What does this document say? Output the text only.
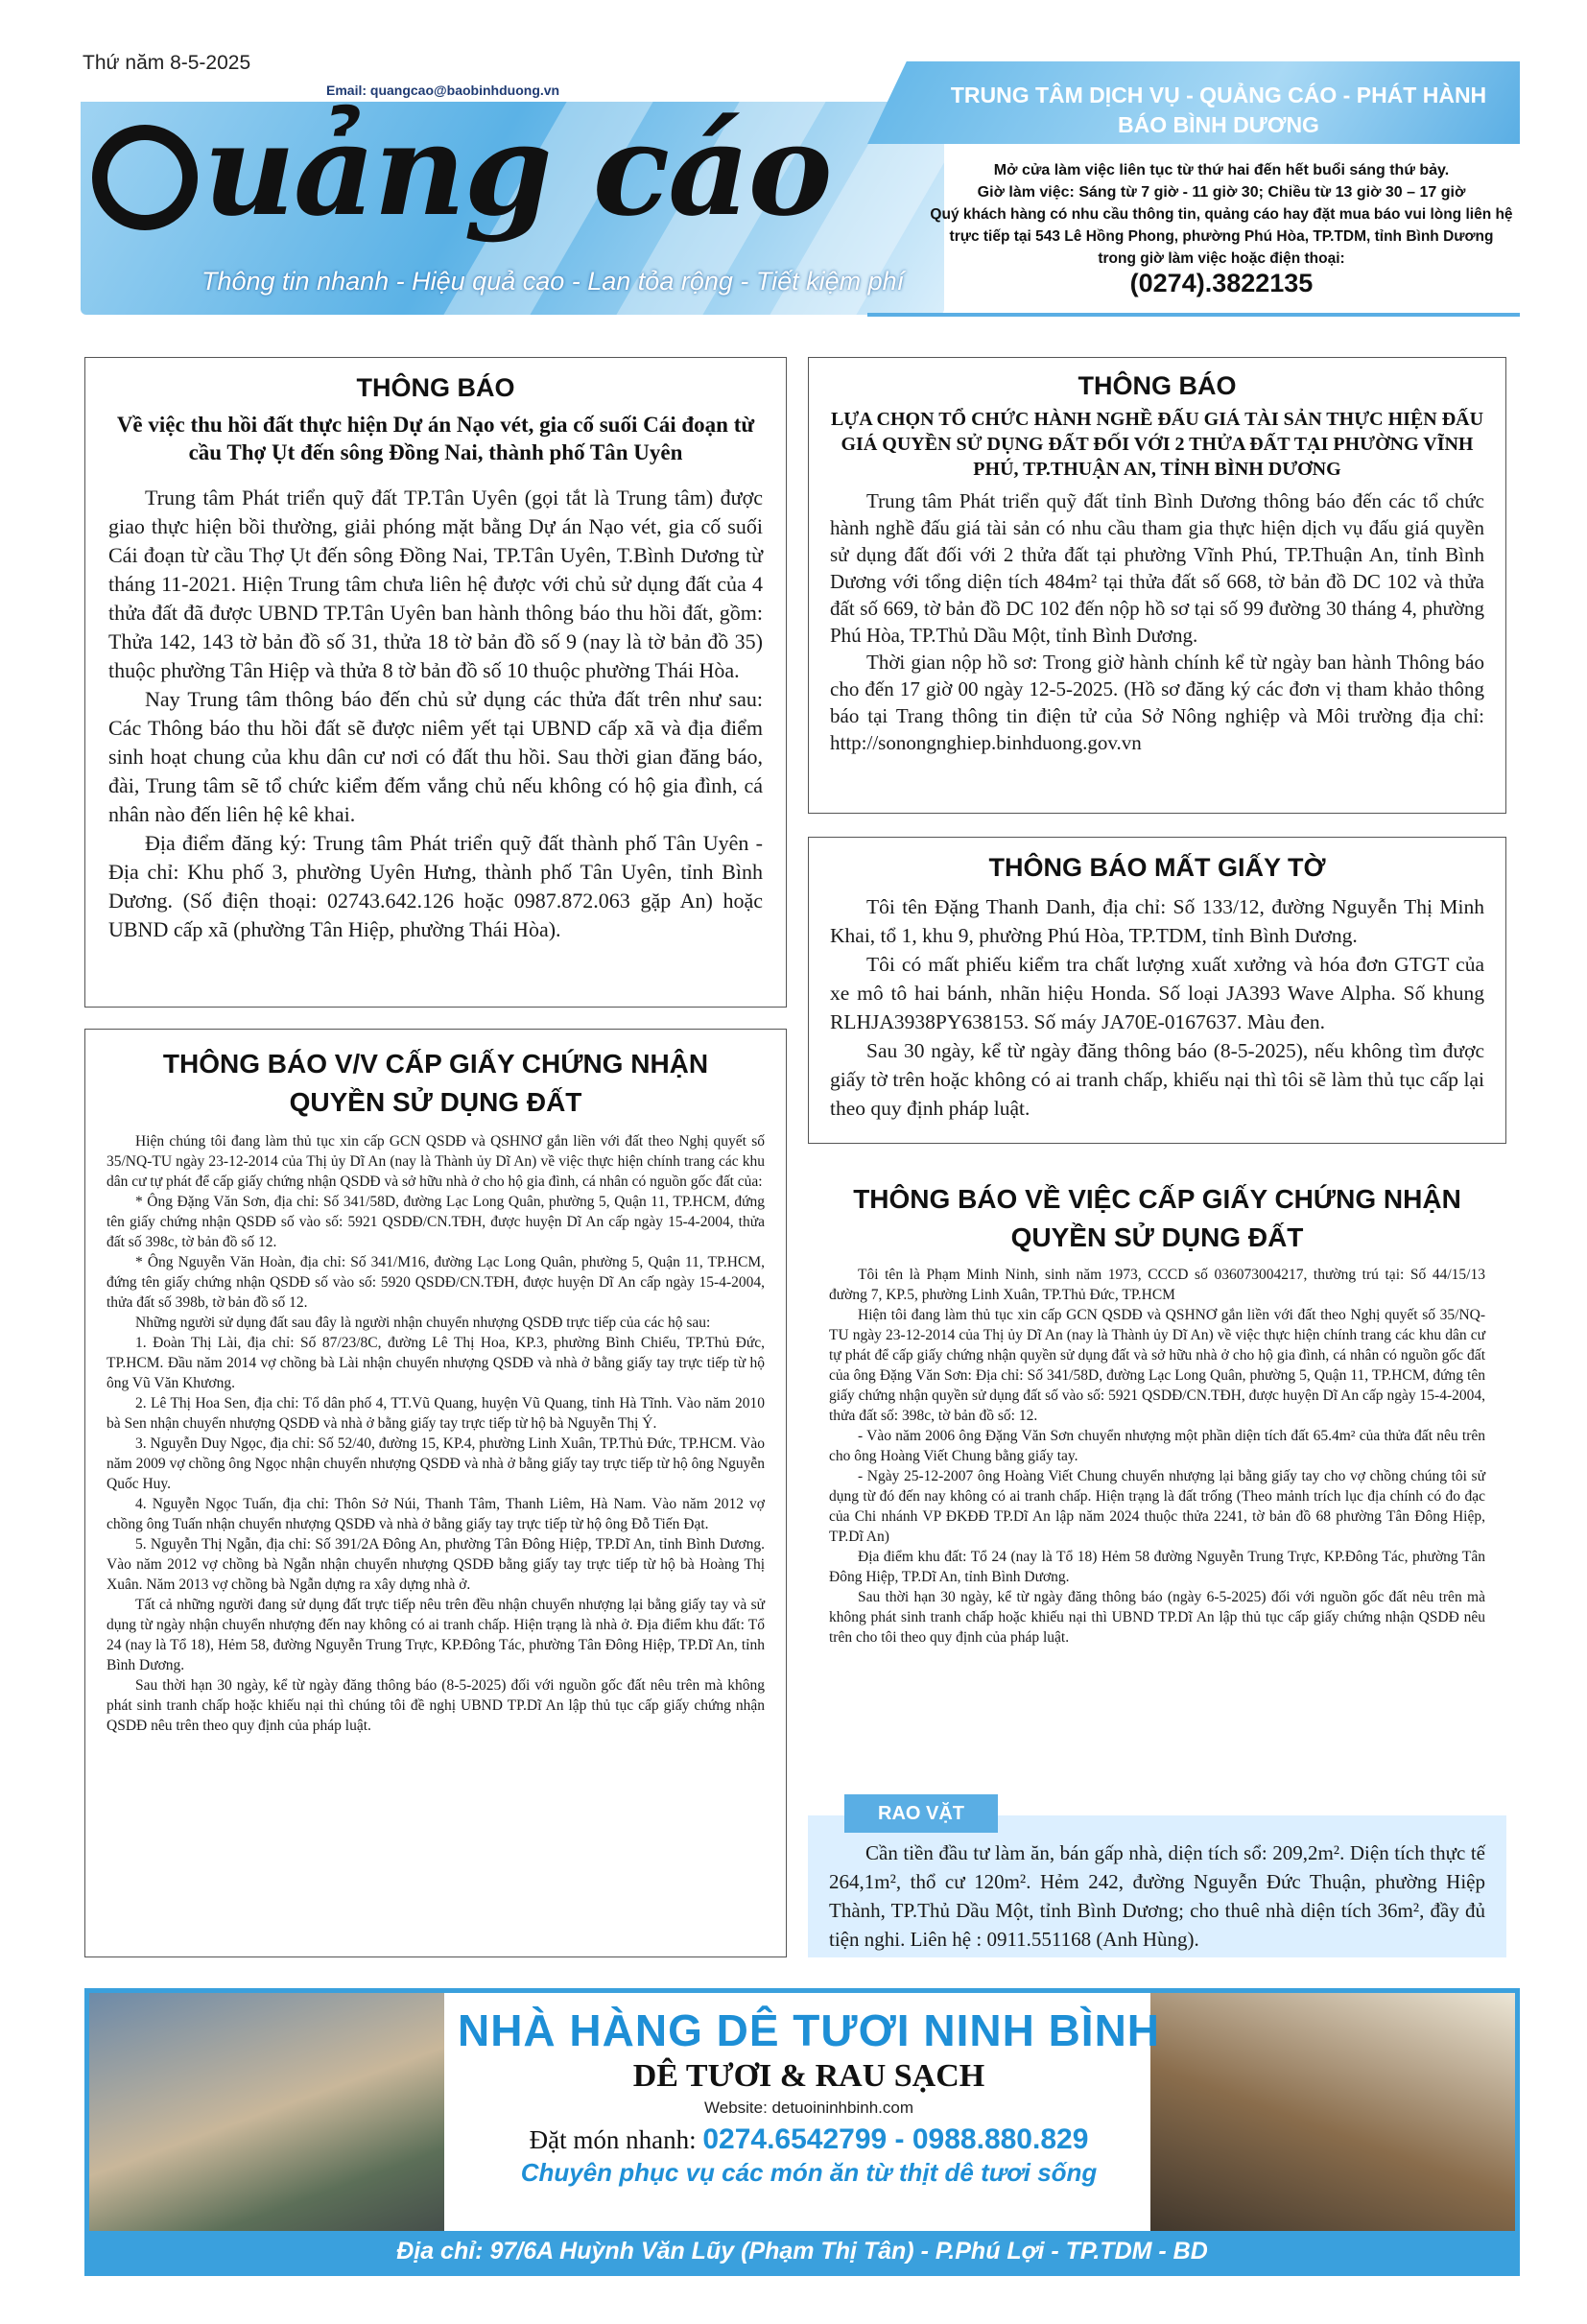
Thứ năm 8-5-2025
Email: quangcao@baobinhduong.vn
uảng cáo
Thông tin nhanh - Hiệu quả cao - Lan tỏa rộng - Tiết kiệm phí
TRUNG TÂM DỊCH VỤ - QUẢNG CÁO - PHÁT HÀNH
BÁO BÌNH DƯƠNG
Mở cửa làm việc liên tục từ thứ hai đến hết buổi sáng thứ bảy.
Giờ làm việc: Sáng từ 7 giờ - 11 giờ 30; Chiều từ 13 giờ 30 – 17 giờ
Quý khách hàng có nhu cầu thông tin, quảng cáo hay đặt mua báo vui lòng liên hệ trực tiếp tại 543 Lê Hồng Phong, phường Phú Hòa, TP.TDM, tỉnh Bình Dương trong giờ làm việc hoặc điện thoại:
(0274).3822135
THÔNG BÁO
Về việc thu hồi đất thực hiện Dự án Nạo vét, gia cố suối Cái đoạn từ cầu Thợ Ụt đến sông Đồng Nai, thành phố Tân Uyên

Trung tâm Phát triển quỹ đất TP.Tân Uyên (gọi tắt là Trung tâm) được giao thực hiện bồi thường, giải phóng mặt bằng Dự án Nạo vét, gia cố suối Cái đoạn từ cầu Thợ Ụt đến sông Đồng Nai, TP.Tân Uyên, T.Bình Dương từ tháng 11-2021. Hiện Trung tâm chưa liên hệ được với chủ sử dụng đất của 4 thửa đất đã được UBND TP.Tân Uyên ban hành thông báo thu hồi đất, gồm: Thửa 142, 143 tờ bản đồ số 31, thửa 18 tờ bản đồ số 9 (nay là tờ bản đồ 35) thuộc phường Tân Hiệp và thửa 8 tờ bản đồ số 10 thuộc phường Thái Hòa.

Nay Trung tâm thông báo đến chủ sử dụng các thửa đất trên như sau: Các Thông báo thu hồi đất sẽ được niêm yết tại UBND cấp xã và địa điểm sinh hoạt chung của khu dân cư nơi có đất thu hồi. Sau thời gian đăng báo, đài, Trung tâm sẽ tổ chức kiểm đếm vắng chủ nếu không có hộ gia đình, cá nhân nào đến liên hệ kê khai.

Địa điểm đăng ký: Trung tâm Phát triển quỹ đất thành phố Tân Uyên - Địa chỉ: Khu phố 3, phường Uyên Hưng, thành phố Tân Uyên, tỉnh Bình Dương. (Số điện thoại: 02743.642.126 hoặc 0987.872.063 gặp An) hoặc UBND cấp xã (phường Tân Hiệp, phường Thái Hòa).

THÔNG BÁO
LỰA CHỌN TỔ CHỨC HÀNH NGHỀ ĐẤU GIÁ TÀI SẢN THỰC HIỆN ĐẤU GIÁ QUYỀN SỬ DỤNG ĐẤT ĐỐI VỚI 2 THỬA ĐẤT TẠI PHƯỜNG VĨNH PHÚ, TP.THUẬN AN, TỈNH BÌNH DƯƠNG

Trung tâm Phát triển quỹ đất tỉnh Bình Dương thông báo đến các tổ chức hành nghề đấu giá tài sản có nhu cầu tham gia thực hiện dịch vụ đấu giá quyền sử dụng đất đối với 2 thửa đất tại phường Vĩnh Phú, TP.Thuận An, tỉnh Bình Dương với tổng diện tích 484m² tại thửa đất số 668, tờ bản đồ DC 102 và thửa đất số 669, tờ bản đồ DC 102 đến nộp hồ sơ tại số 99 đường 30 tháng 4, phường Phú Hòa, TP.Thủ Dầu Một, tỉnh Bình Dương.

Thời gian nộp hồ sơ: Trong giờ hành chính kể từ ngày ban hành Thông báo cho đến 17 giờ 00 ngày 12-5-2025. (Hồ sơ đăng ký các đơn vị tham khảo thông báo tại Trang thông tin điện tử của Sở Nông nghiệp và Môi trường địa chỉ: http://sonongnghiep.binhduong.gov.vn

THÔNG BÁO MẤT GIẤY TỜ

Tôi tên Đặng Thanh Danh, địa chỉ: Số 133/12, đường Nguyễn Thị Minh Khai, tổ 1, khu 9, phường Phú Hòa, TP.TDM, tỉnh Bình Dương.

Tôi có mất phiếu kiểm tra chất lượng xuất xưởng và hóa đơn GTGT của xe mô tô hai bánh, nhãn hiệu Honda. Số loại JA393 Wave Alpha. Số khung RLHJA3938PY638153. Số máy JA70E-0167637. Màu đen.

Sau 30 ngày, kể từ ngày đăng thông báo (8-5-2025), nếu không tìm được giấy tờ trên hoặc không có ai tranh chấp, khiếu nại thì tôi sẽ làm thủ tục cấp lại theo quy định pháp luật.

THÔNG BÁO V/V CẤP GIẤY CHỨNG NHẬN
QUYỀN SỬ DỤNG ĐẤT

Hiện chúng tôi đang làm thủ tục xin cấp GCN QSDĐ và QSHNƠ gắn liền với đất theo Nghị quyết số 35/NQ-TU ngày 23-12-2014 của Thị ủy Dĩ An (nay là Thành ủy Dĩ An) về việc thực hiện chính trang các khu dân cư tự phát để cấp giấy chứng nhận QSDĐ và sở hữu nhà ở cho hộ gia đình, cá nhân có nguồn gốc đất của:

* Ông Đặng Văn Sơn, địa chỉ: Số 341/58D, đường Lạc Long Quân, phường 5, Quận 11, TP.HCM, đứng tên giấy chứng nhận QSDĐ số vào số: 5921 QSDĐ/CN.TĐH, được huyện Dĩ An cấp ngày 15-4-2004, thửa đất số 398c, tờ bản đồ số 12.

* Ông Nguyễn Văn Hoàn, địa chỉ: Số 341/M16, đường Lạc Long Quân, phường 5, Quận 11, TP.HCM, đứng tên giấy chứng nhận QSDĐ số vào số: 5920 QSDĐ/CN.TĐH, được huyện Dĩ An cấp ngày 15-4-2004, thửa đất số 398b, tờ bản đồ số 12.

Những người sử dụng đất sau đây là người nhận chuyển nhượng QSDĐ trực tiếp của các hộ sau:

1. Đoàn Thị Lài, địa chỉ: Số 87/23/8C, đường Lê Thị Hoa, KP.3, phường Bình Chiểu, TP.Thủ Đức, TP.HCM. Đầu năm 2014 vợ chồng bà Lài nhận chuyển nhượng QSDĐ và nhà ở bằng giấy tay trực tiếp từ hộ ông Vũ Văn Khương.

2. Lê Thị Hoa Sen, địa chỉ: Tổ dân phố 4, TT.Vũ Quang, huyện Vũ Quang, tỉnh Hà Tĩnh. Vào năm 2010 bà Sen nhận chuyển nhượng QSDĐ và nhà ở bằng giấy tay trực tiếp từ hộ bà Nguyễn Thị Ý.

3. Nguyễn Duy Ngọc, địa chỉ: Số 52/40, đường 15, KP.4, phường Linh Xuân, TP.Thủ Đức, TP.HCM. Vào năm 2009 vợ chồng ông Ngọc nhận chuyển nhượng QSDĐ và nhà ở bằng giấy tay trực tiếp từ hộ ông Nguyễn Quốc Huy.

4. Nguyễn Ngọc Tuấn, địa chỉ: Thôn Sở Núi, Thanh Tâm, Thanh Liêm, Hà Nam. Vào năm 2012 vợ chồng ông Tuấn nhận chuyển nhượng QSDĐ và nhà ở bằng giấy tay trực tiếp từ hộ ông Đỗ Tiến Đạt.

5. Nguyễn Thị Ngẫn, địa chỉ: Số 391/2A Đông An, phường Tân Đông Hiệp, TP.Dĩ An, tỉnh Bình Dương. Vào năm 2012 vợ chồng bà Ngẫn nhận chuyển nhượng QSDĐ bằng giấy tay trực tiếp từ hộ bà Hoàng Thị Xuân. Năm 2013 vợ chồng bà Ngẫn dựng ra xây dựng nhà ở.

Tất cả những người đang sử dụng đất trực tiếp nêu trên đều nhận chuyển nhượng lại bằng giấy tay và sử dụng từ ngày nhận chuyển nhượng đến nay không có ai tranh chấp. Hiện trạng là nhà ở. Địa điểm khu đất: Tổ 24 (nay là Tổ 18), Hẻm 58, đường Nguyễn Trung Trực, KP.Đông Tác, phường Tân Đông Hiệp, TP.Dĩ An, tỉnh Bình Dương.

Sau thời hạn 30 ngày, kể từ ngày đăng thông báo (8-5-2025) đối với nguồn gốc đất nêu trên mà không phát sinh tranh chấp hoặc khiếu nại thì chúng tôi đề nghị UBND TP.Dĩ An lập thủ tục cấp giấy chứng nhận QSDĐ nêu trên theo quy định của pháp luật.

THÔNG BÁO VỀ VIỆC CẤP GIẤY CHỨNG NHẬN
QUYỀN SỬ DỤNG ĐẤT

Tôi tên là Phạm Minh Ninh, sinh năm 1973, CCCD số 036073004217, thường trú tại: Số 44/15/13 đường 7, KP.5, phường Linh Xuân, TP.Thủ Đức, TP.HCM

Hiện tôi đang làm thủ tục xin cấp GCN QSDĐ và QSHNƠ gắn liền với đất theo Nghị quyết số 35/NQ-TU ngày 23-12-2014 của Thị ủy Dĩ An (nay là Thành ủy Dĩ An) về việc thực hiện chính trang các khu dân cư tự phát để cấp giấy chứng nhận quyền sử dụng đất và sở hữu nhà ở cho hộ gia đình, cá nhân có nguồn gốc đất của ông Đặng Văn Sơn: Địa chỉ: Số 341/58D, đường Lạc Long Quân, phường 5, Quận 11, TP.HCM, đứng tên giấy chứng nhận quyền sử dụng đất số vào số: 5921 QSDĐ/CN.TĐH, được huyện Dĩ An cấp ngày 15-4-2004, thửa đất số: 398c, tờ bản đồ số: 12.

- Vào năm 2006 ông Đặng Văn Sơn chuyển nhượng một phần diện tích đất 65.4m² của thửa đất nêu trên cho ông Hoàng Viết Chung bằng giấy tay.

- Ngày 25-12-2007 ông Hoàng Viết Chung chuyển nhượng lại bằng giấy tay cho vợ chồng chúng tôi sử dụng từ đó đến nay không có ai tranh chấp. Hiện trạng là đất trống (Theo mảnh trích lục địa chính có đo đạc của Chi nhánh VP ĐKĐĐ TP.Dĩ An lập năm 2024 thuộc thửa 2241, tờ bản đồ 68 phường Tân Đông Hiệp, TP.Dĩ An)

Địa điểm khu đất: Tổ 24 (nay là Tổ 18) Hẻm 58 đường Nguyễn Trung Trực, KP.Đông Tác, phường Tân Đông Hiệp, TP.Dĩ An, tỉnh Bình Dương.

Sau thời hạn 30 ngày, kể từ ngày đăng thông báo (ngày 6-5-2025) đối với nguồn gốc đất nêu trên mà không phát sinh tranh chấp hoặc khiếu nại thì UBND TP.Dĩ An lập thủ tục cấp giấy chứng nhận QSDĐ nêu trên cho tôi theo quy định của pháp luật.

Cần tiền đầu tư làm ăn, bán gấp nhà, diện tích sổ: 209,2m². Diện tích thực tế 264,1m², thổ cư 120m². Hẻm 242, đường Nguyễn Đức Thuận, phường Hiệp Thành, TP.Thủ Dầu Một, tỉnh Bình Dương; cho thuê nhà diện tích 36m², đầy đủ tiện nghi. Liên hệ : 0911.551168 (Anh Hùng).

RAO VẶT
NHÀ HÀNG DÊ TƯƠI NINH BÌNH
DÊ TƯƠI & RAU SẠCH
Website: detuoininhbinh.com
Đặt món nhanh: 0274.6542799 - 0988.880.829
Chuyên phục vụ các món ăn từ thịt dê tươi sống
Địa chỉ: 97/6A Huỳnh Văn Lũy (Phạm Thị Tân) - P.Phú Lợi - TP.TDM - BD
